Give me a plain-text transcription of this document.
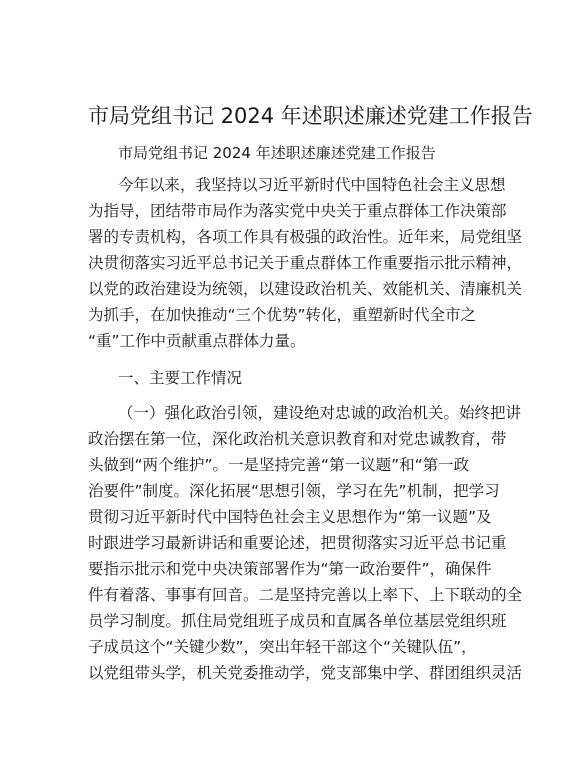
市局党组书记 2024 年述职述廉述党建工作报告
市局党组书记 2024 年述职述廉述党建工作报告
今年以来，我坚持以习近平新时代中国特色社会主义思想
为指导，团结带市局作为落实党中央关于重点群体工作决策部
署的专责机构，各项工作具有极强的政治性。近年来，局党组坚
决贯彻落实习近平总书记关于重点群体工作重要指示批示精神，
以党的政治建设为统领，以建设政治机关、效能机关、清廉机关
为抓手，在加快推动“三个优势”转化，重塑新时代全市之
“重”工作中贡献重点群体力量。
一、主要工作情况
（一）强化政治引领，建设绝对忠诚的政治机关。始终把讲
政治摆在第一位，深化政治机关意识教育和对党忠诚教育，带
头做到“两个维护”。一是坚持完善“第一议题”和“第一政
治要件”制度。深化拓展“思想引领，学习在先”机制，把学习
贯彻习近平新时代中国特色社会主义思想作为“第一议题”及
时跟进学习最新讲话和重要论述，把贯彻落实习近平总书记重
要指示批示和党中央决策部署作为“第一政治要件”，确保件
件有着落、事事有回音。二是坚持完善以上率下、上下联动的全
员学习制度。抓住局党组班子成员和直属各单位基层党组织班
子成员这个“关键少数”，突出年轻干部这个“关键队伍”，
以党组带头学，机关党委推动学，党支部集中学、群团组织灵活
